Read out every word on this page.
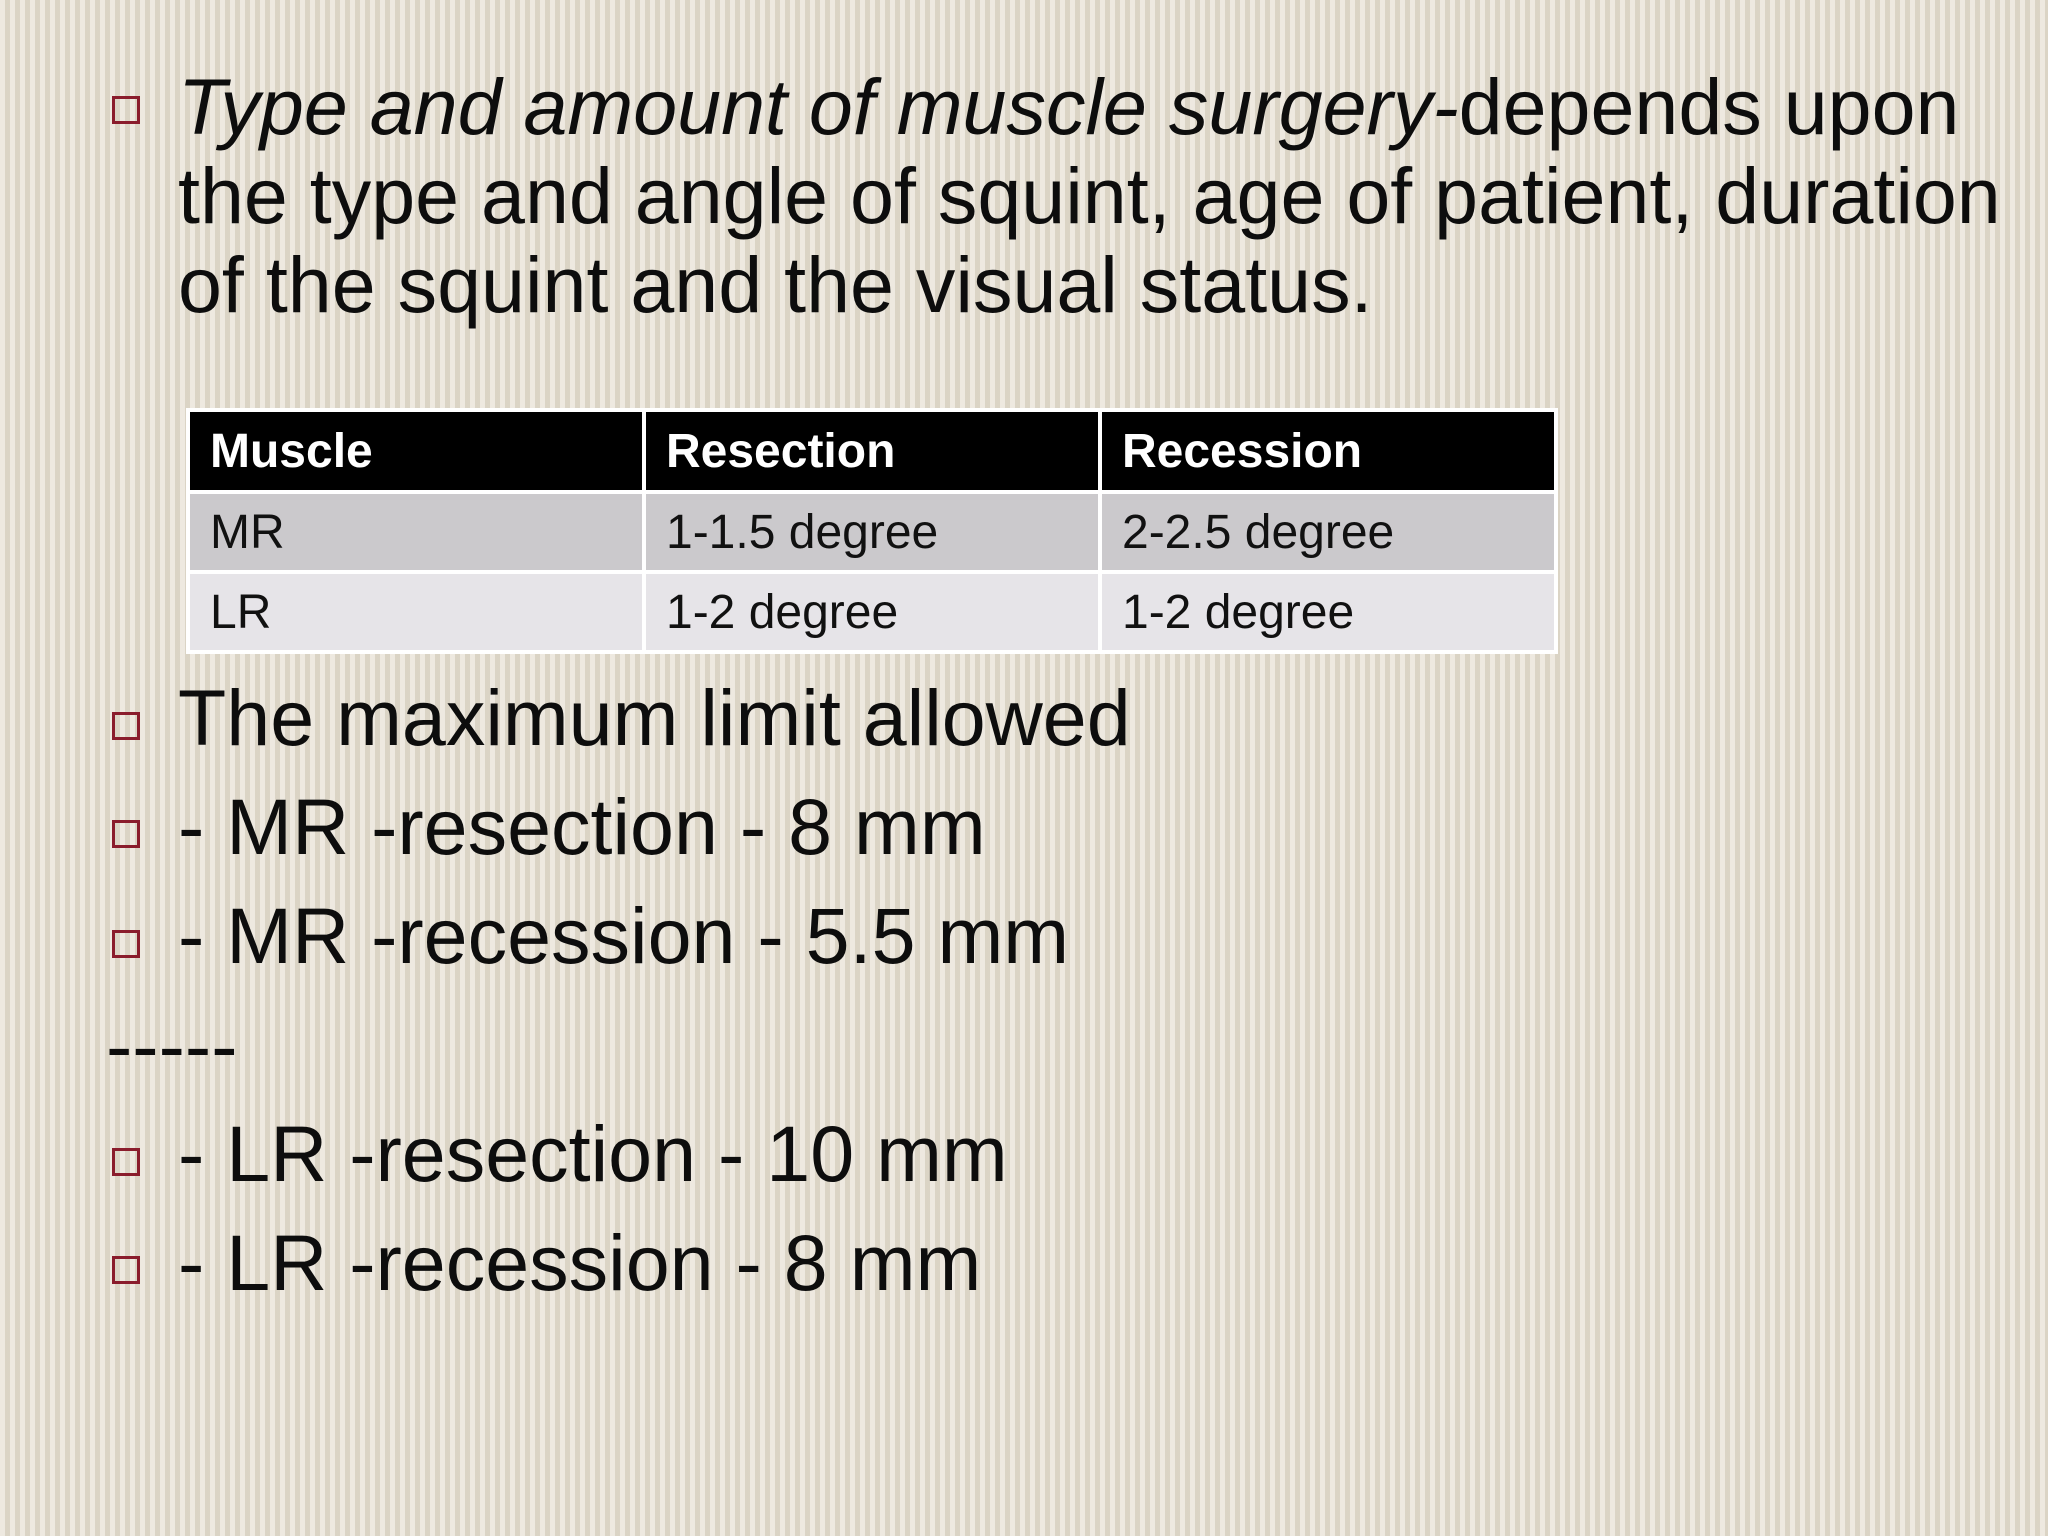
Type and amount of muscle surgery-depends upon the type and angle of squint, age of patient, duration of the squint and the visual status.
Muscle	Resection	Recession
MR	1-1.5 degree	2-2.5 degree
LR	1-2 degree	1-2 degree
The maximum limit allowed
- MR -resection - 8 mm
- MR -recession - 5.5 mm
-----
- LR -resection - 10 mm
- LR -recession - 8 mm
